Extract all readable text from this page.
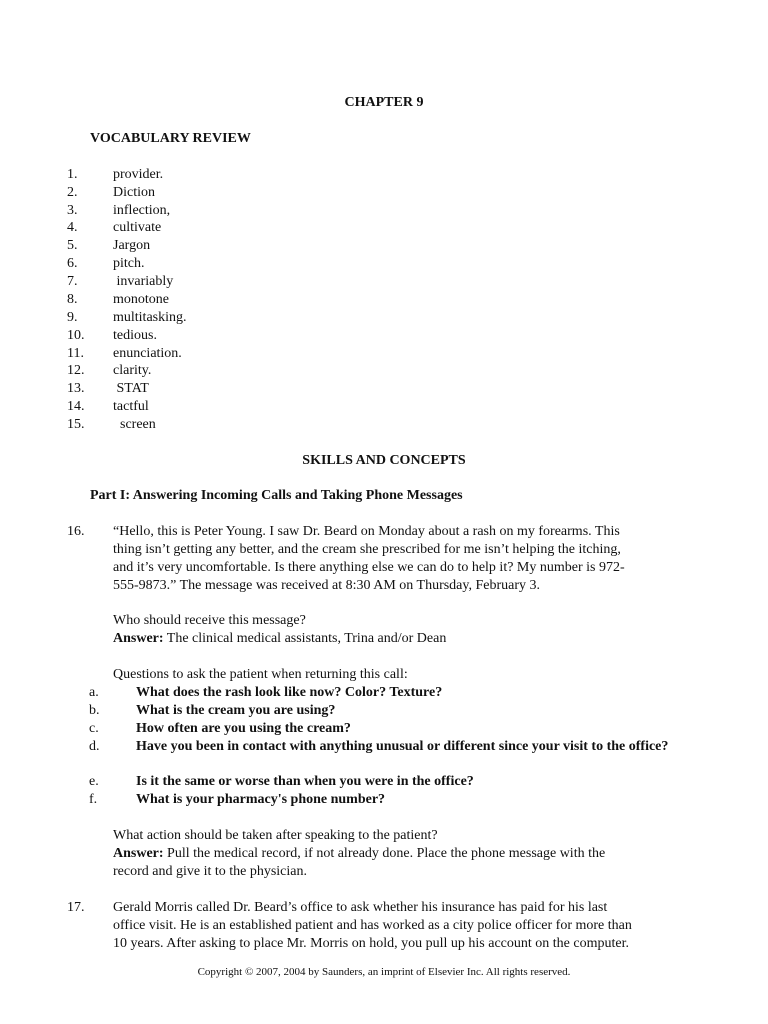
CHAPTER 9
VOCABULARY REVIEW
1.	provider.
2.	Diction
3.	inflection,
4.	cultivate
5.	Jargon
6.	pitch.
7.	invariably
8.	monotone
9.	multitasking.
10. tedious.
11. enunciation.
12. clarity.
13. STAT
14. tactful
15. screen
SKILLS AND CONCEPTS
Part I: Answering Incoming Calls and Taking Phone Messages
16. “Hello, this is Peter Young. I saw Dr. Beard on Monday about a rash on my forearms. This
thing isn’t getting any better, and the cream she prescribed for me isn’t helping the itching,
and it’s very uncomfortable. Is there anything else we can do to help it? My number is 972-
555-9873.” The message was received at 8:30 AM on Thursday, February 3.
Who should receive this message?
Answer: The clinical medical assistants, Trina and/or Dean
Questions to ask the patient when returning this call:
a.	What does the rash look like now? Color? Texture?
b.	What is the cream you are using?
c.	How often are you using the cream?
d.	Have you been in contact with anything unusual or different since your visit to the office?
e.	Is it the same or worse than when you were in the office?
f.	What is your pharmacy's phone number?
What action should be taken after speaking to the patient?
Answer: Pull the medical record, if not already done. Place the phone message with the
record and give it to the physician.
17. Gerald Morris called Dr. Beard’s office to ask whether his insurance has paid for his last
office visit. He is an established patient and has worked as a city police officer for more than
10 years. After asking to place Mr. Morris on hold, you pull up his account on the computer.
Copyright © 2007, 2004 by Saunders, an imprint of Elsevier Inc. All rights reserved.
